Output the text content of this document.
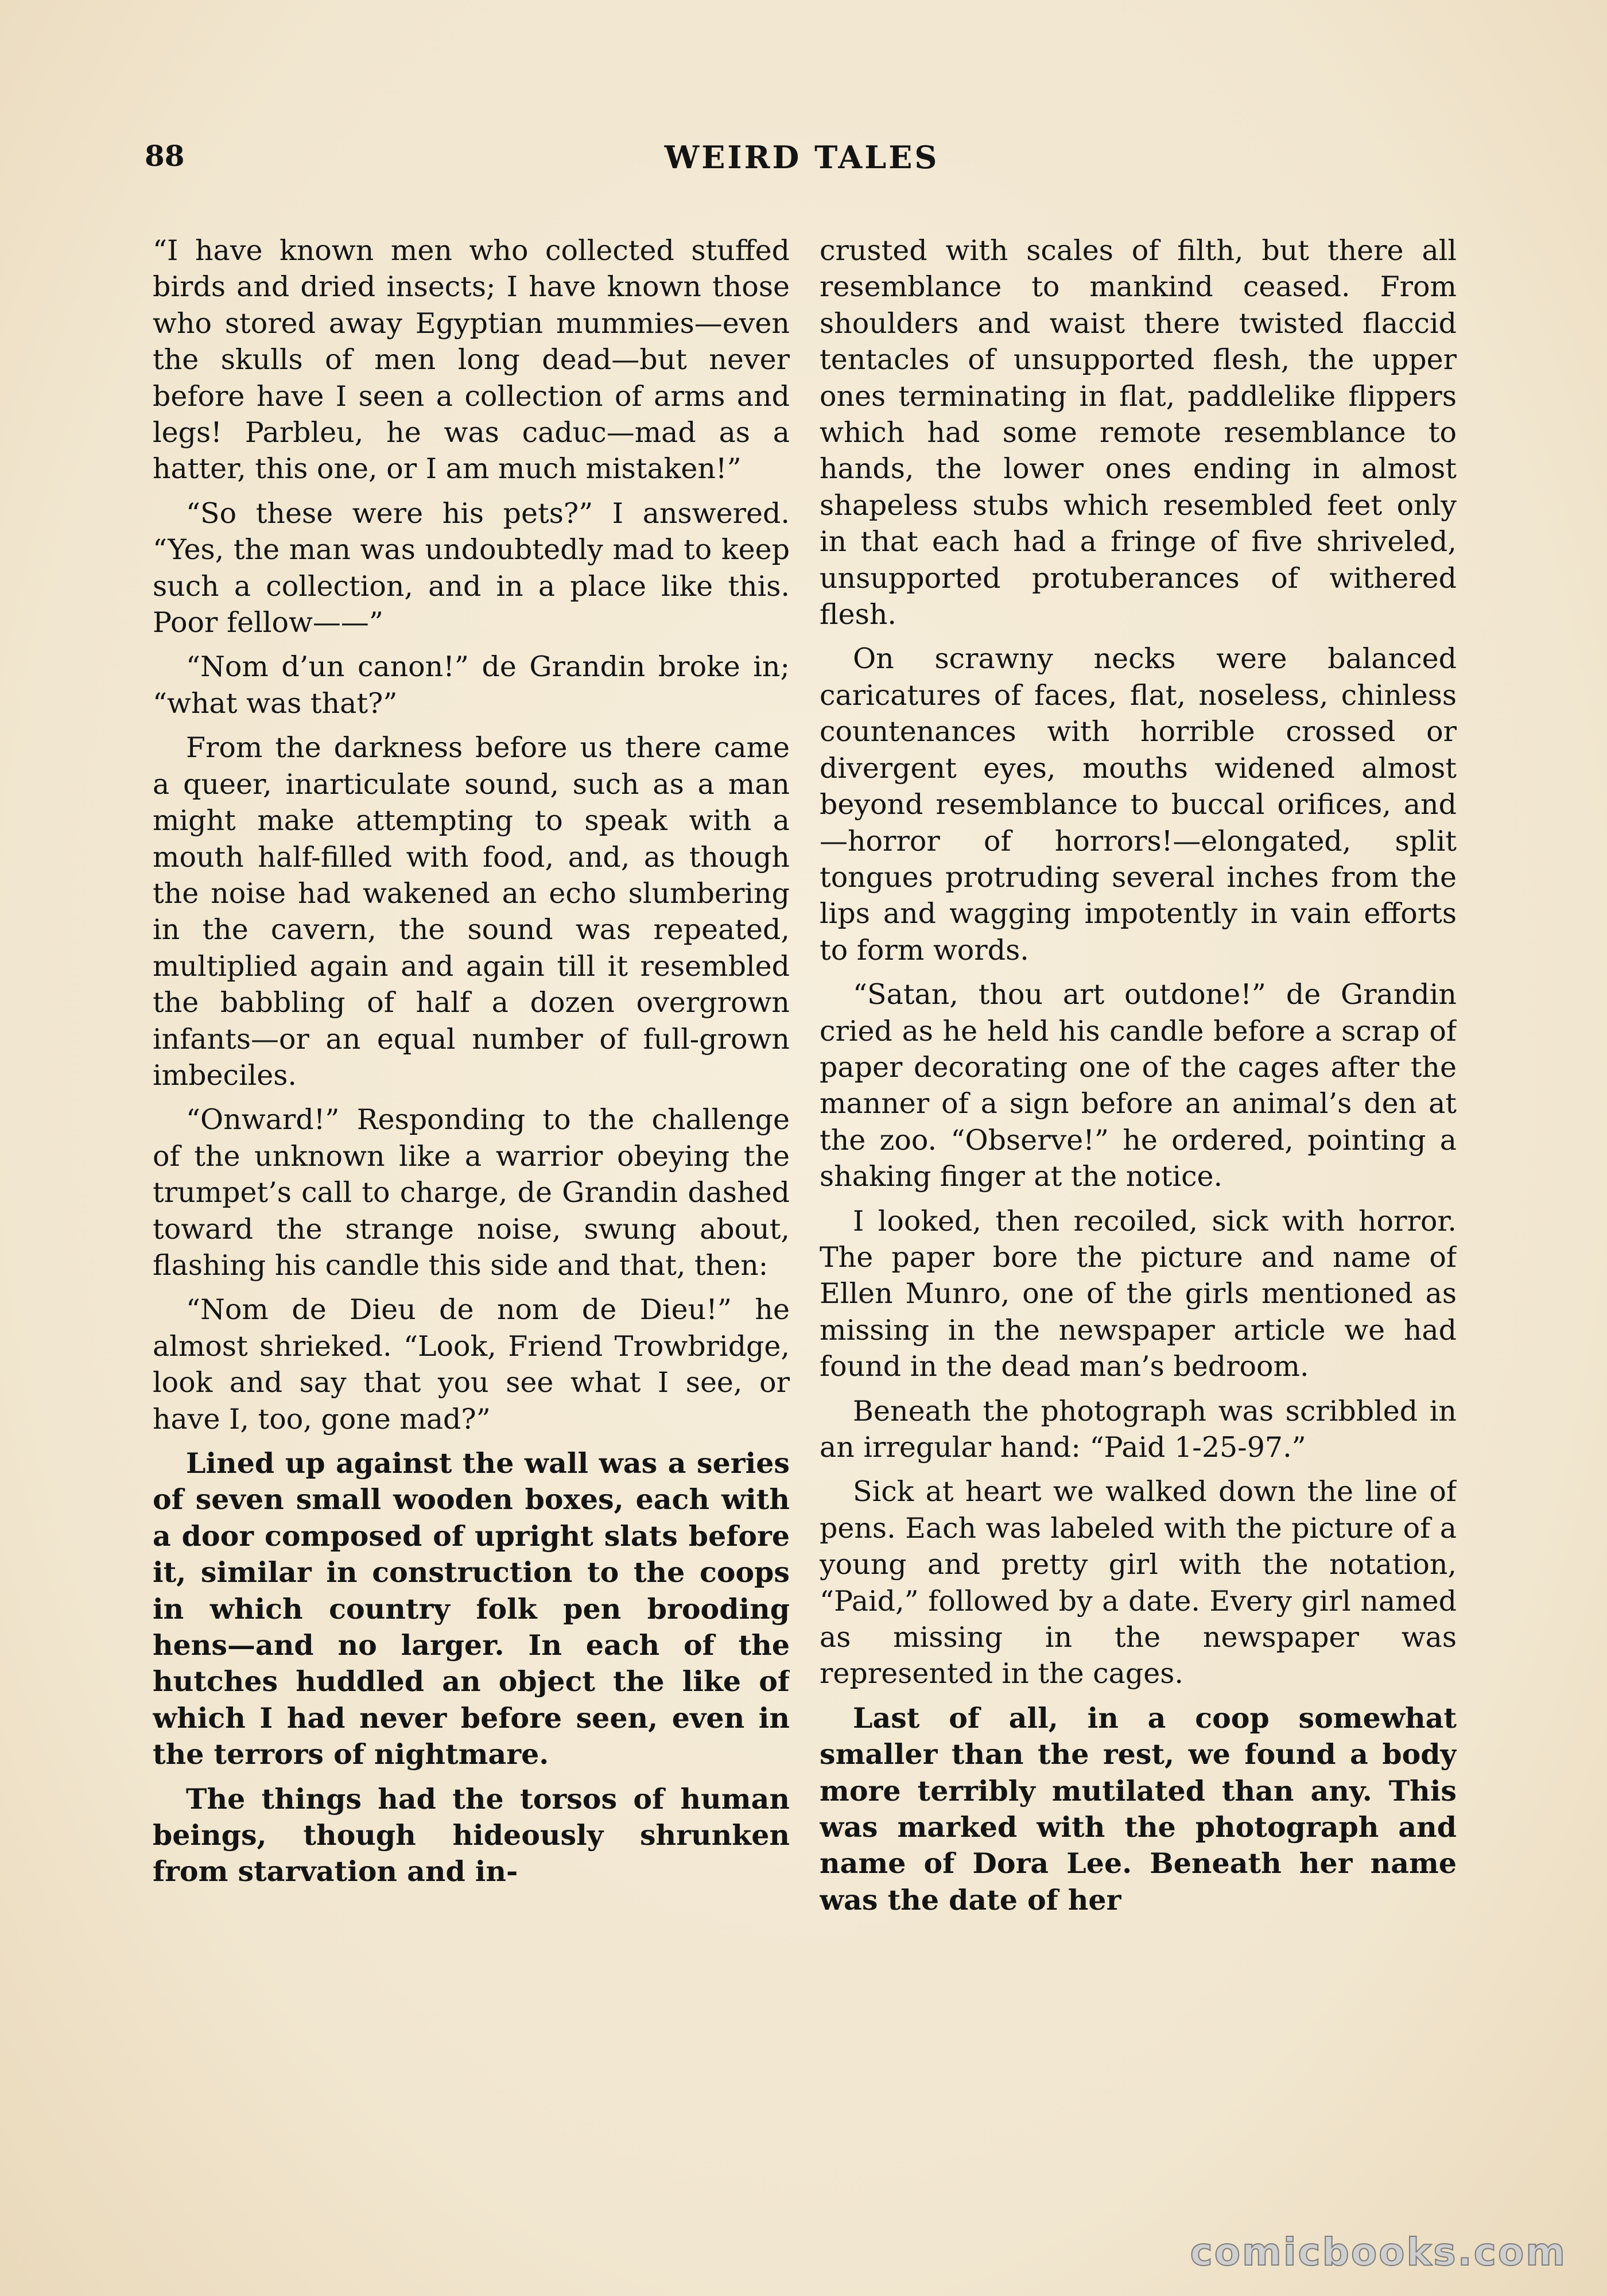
88	WEIRD TALES

“I have known men who collected stuffed birds and dried insects; I have known those who stored away Egyptian mummies—even the skulls of men long dead—but never before have I seen a collection of arms and legs! Parbleu, he was caduc—mad as a hatter, this one, or I am much mistaken!”

“So these were his pets?” I answered. “Yes, the man was undoubtedly mad to keep such a collection, and in a place like this. Poor fellow——”

“Nom d’un canon!” de Grandin broke in; “what was that?”

From the darkness before us there came a queer, inarticulate sound, such as a man might make attempting to speak with a mouth half-filled with food, and, as though the noise had wakened an echo slumbering in the cavern, the sound was repeated, multiplied again and again till it resembled the babbling of half a dozen overgrown infants—or an equal number of full-grown imbeciles.

“Onward!” Responding to the challenge of the unknown like a warrior obeying the trumpet’s call to charge, de Grandin dashed toward the strange noise, swung about, flashing his candle this side and that, then:

“Nom de Dieu de nom de Dieu!” he almost shrieked. “Look, Friend Trowbridge, look and say that you see what I see, or have I, too, gone mad?”

Lined up against the wall was a series of seven small wooden boxes, each with a door composed of upright slats before it, similar in construction to the coops in which country folk pen brooding hens—and no larger. In each of the hutches huddled an object the like of which I had never before seen, even in the terrors of nightmare.

The things had the torsos of human beings, though hideously shrunken from starvation and in-

crusted with scales of filth, but there all resemblance to mankind ceased. From shoulders and waist there twisted flaccid tentacles of unsupported flesh, the upper ones terminating in flat, paddlelike flippers which had some remote resemblance to hands, the lower ones ending in almost shapeless stubs which resembled feet only in that each had a fringe of five shriveled, unsupported protuberances of withered flesh.

On scrawny necks were balanced caricatures of faces, flat, noseless, chinless countenances with horrible crossed or divergent eyes, mouths widened almost beyond resemblance to buccal orifices, and—horror of horrors!—elongated, split tongues protruding several inches from the lips and wagging impotently in vain efforts to form words.

“Satan, thou art outdone!” de Grandin cried as he held his candle before a scrap of paper decorating one of the cages after the manner of a sign before an animal’s den at the zoo. “Observe!” he ordered, pointing a shaking finger at the notice.

I looked, then recoiled, sick with horror. The paper bore the picture and name of Ellen Munro, one of the girls mentioned as missing in the newspaper article we had found in the dead man’s bedroom.

Beneath the photograph was scribbled in an irregular hand: “Paid 1-25-97.”

Sick at heart we walked down the line of pens. Each was labeled with the picture of a young and pretty girl with the notation, “Paid,” followed by a date. Every girl named as missing in the newspaper was represented in the cages.

Last of all, in a coop somewhat smaller than the rest, we found a body more terribly mutilated than any. This was marked with the photograph and name of Dora Lee. Beneath her name was the date of her

comicbooks.com
